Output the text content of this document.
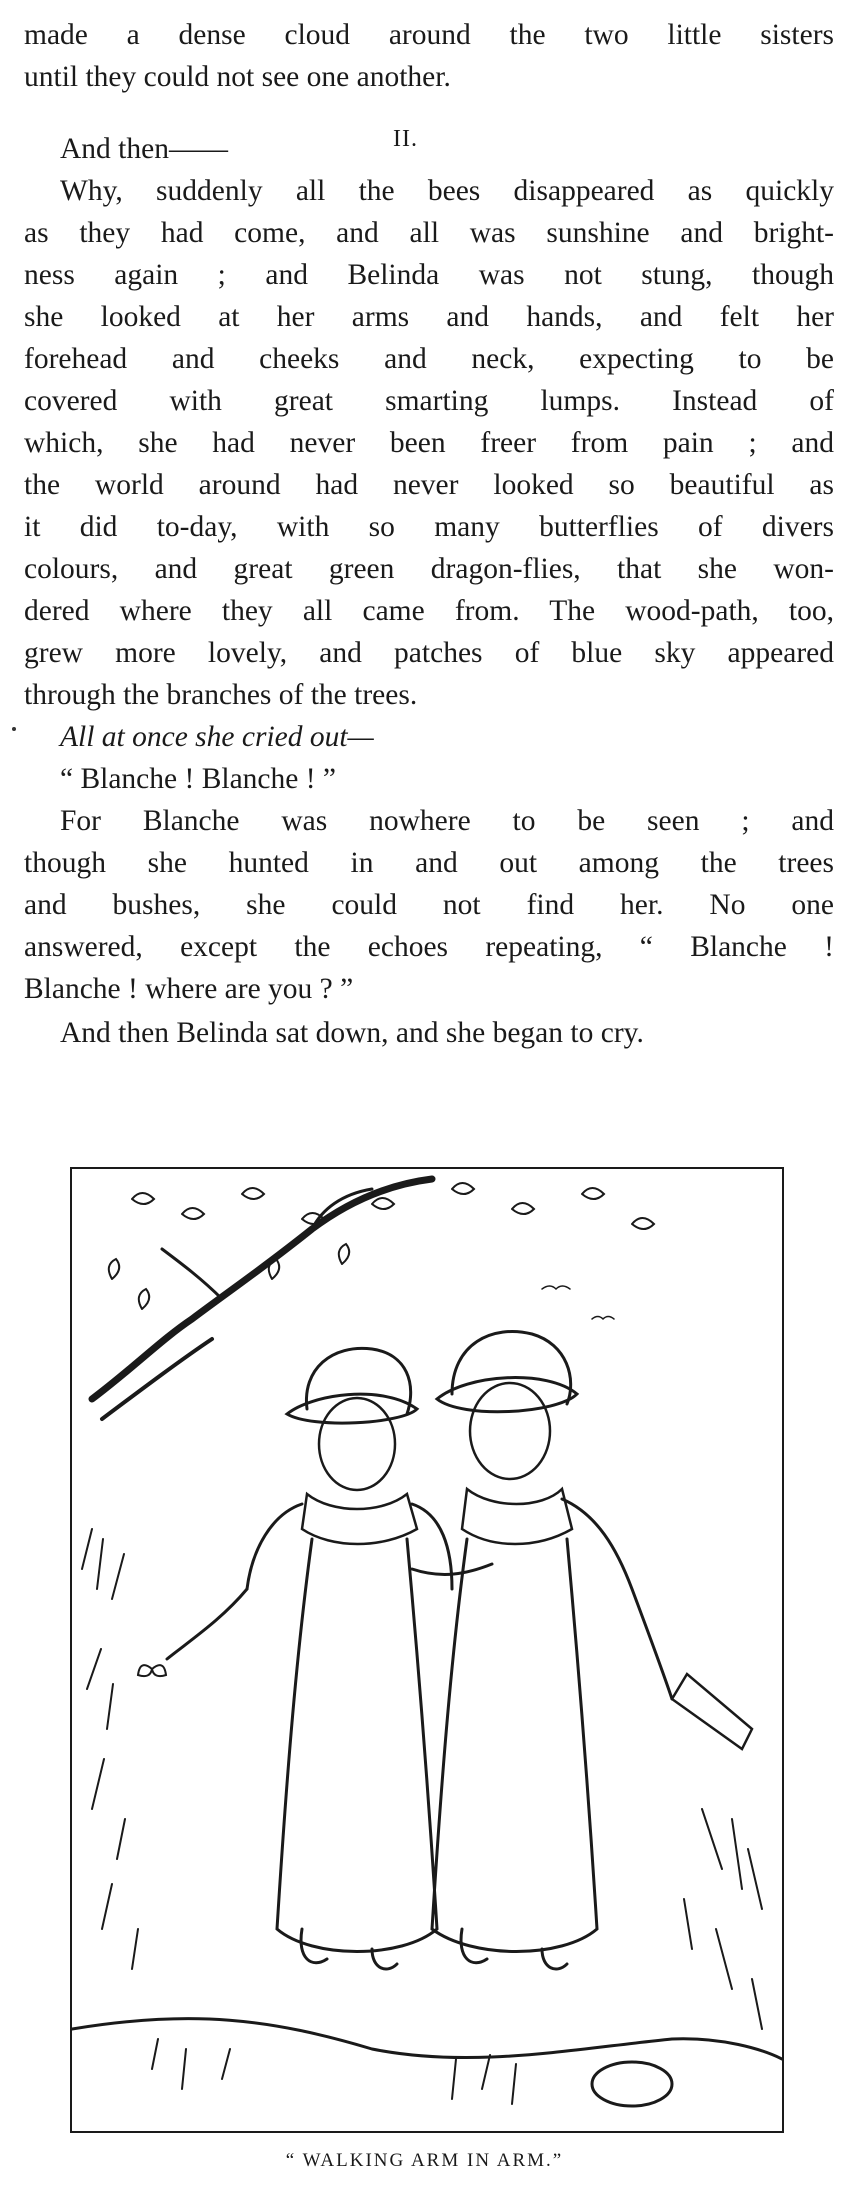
made a dense cloud around the two little sisters
until they could not see one another.
And then——	II.
Why, suddenly all the bees disappeared as quickly
as they had come, and all was sunshine and bright-
ness again ; and Belinda was not stung, though
she looked at her arms and hands, and felt her
forehead and cheeks and neck, expecting to be
covered with great smarting lumps. Instead of
which, she had never been freer from pain ; and
the world around had never looked so beautiful as
it did to-day, with so many butterflies of divers
colours, and great green dragon-flies, that she won-
dered where they all came from. The wood-path, too,
grew more lovely, and patches of blue sky appeared
through the branches of the trees.
All at once she cried out—
“ Blanche ! Blanche ! ”
For Blanche was nowhere to be seen ; and
though she hunted in and out among the trees
and bushes, she could not find her. No one
answered, except the echoes repeating, “ Blanche !
Blanche ! where are you ? ”
And then Belinda sat down, and she began to cry.
“ WALKING ARM IN ARM.”
